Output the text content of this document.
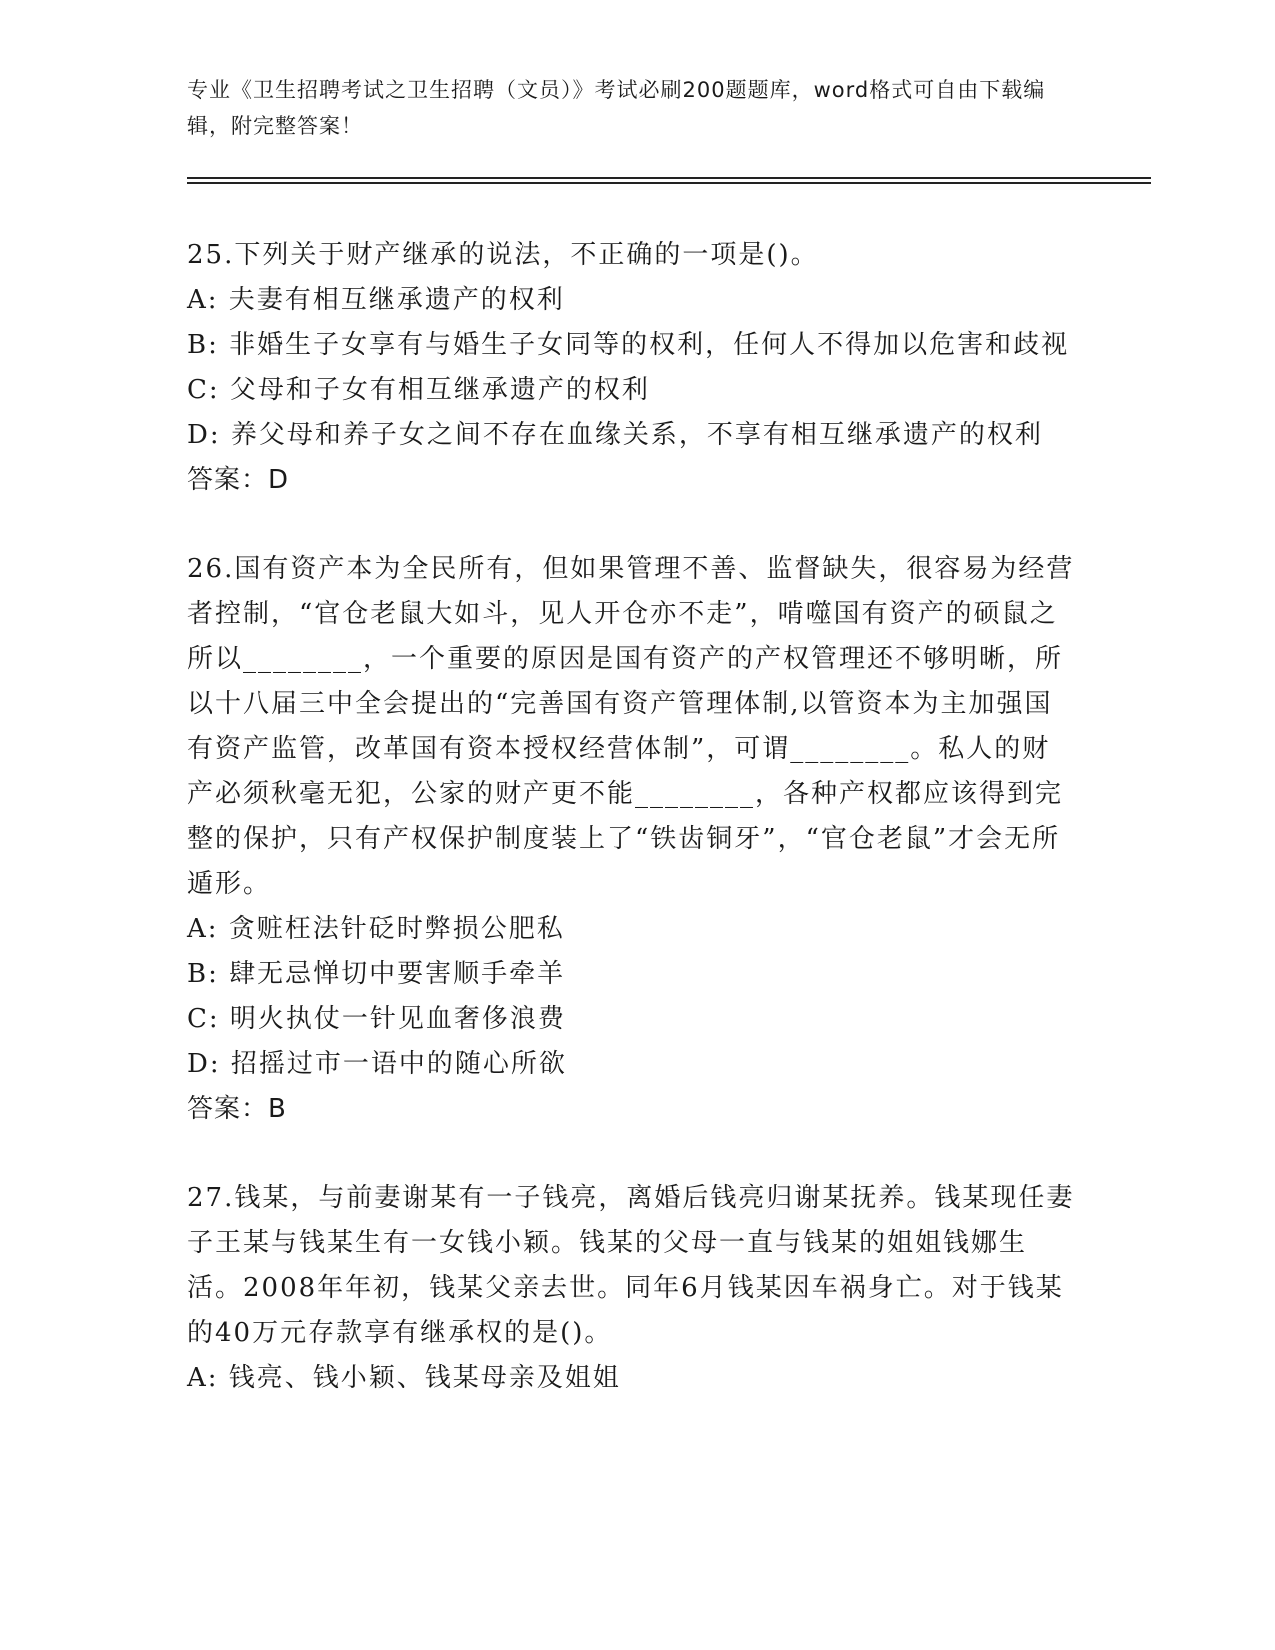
专业《卫生招聘考试之卫生招聘（文员）》考试必刷200题题库，word格式可自由下载编辑，附完整答案！

25.下列关于财产继承的说法，不正确的一项是()。

A: 夫妻有相互继承遗产的权利

B: 非婚生子女享有与婚生子女同等的权利，任何人不得加以危害和歧视

C: 父母和子女有相互继承遗产的权利

D: 养父母和养子女之间不存在血缘关系，不享有相互继承遗产的权利

答案：D

26.国有资产本为全民所有，但如果管理不善、监督缺失，很容易为经营者控制，“官仓老鼠大如斗，见人开仓亦不走”，啃噬国有资产的硕鼠之所以________，一个重要的原因是国有资产的产权管理还不够明晰，所以十八届三中全会提出的“完善国有资产管理体制,以管资本为主加强国有资产监管，改革国有资本授权经营体制”，可谓________。私人的财产必须秋毫无犯，公家的财产更不能________，各种产权都应该得到完整的保护，只有产权保护制度装上了“铁齿铜牙”，“官仓老鼠”才会无所遁形。

A: 贪赃枉法针砭时弊损公肥私

B: 肆无忌惮切中要害顺手牵羊

C: 明火执仗一针见血奢侈浪费

D: 招摇过市一语中的随心所欲

答案：B

27.钱某，与前妻谢某有一子钱亮，离婚后钱亮归谢某抚养。钱某现任妻子王某与钱某生有一女钱小颖。钱某的父母一直与钱某的姐姐钱娜生活。2008年年初，钱某父亲去世。同年6月钱某因车祸身亡。对于钱某的40万元存款享有继承权的是()。

A: 钱亮、钱小颖、钱某母亲及姐姐
